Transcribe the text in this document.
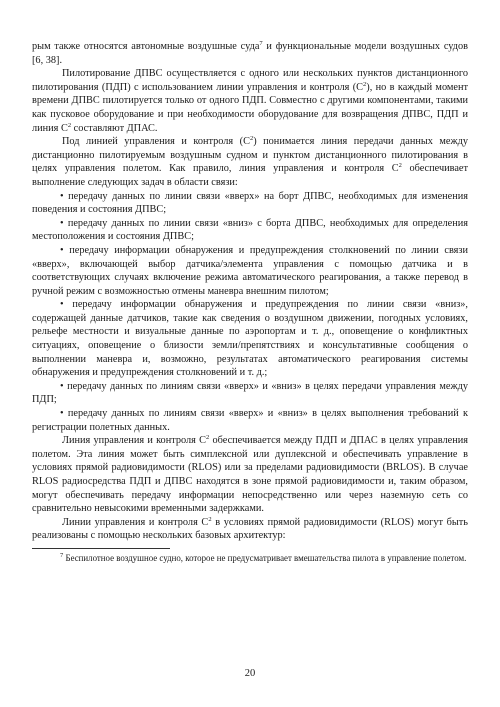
рым также относятся автономные воздушные суда$^7$ и функциональные модели воздушных судов [6, 38].

Пилотирование ДПВС осуществляется с одного или нескольких пунктов дистанционного пилотирования (ПДП) с использованием линии управления и контроля $(С^2)$, но в каждый момент времени ДПВС пилотируется только от одного ПДП. Совместно с другими компонентами, такими как пусковое оборудование и при необходимости оборудование для возвращения ДПВС, ПДП и линия $С^2$ составляют ДПАС.

Под линией управления и контроля $(С^2)$ понимается линия передачи данных между дистанционно пилотируемым воздушным судном и пунктом дистанционного пилотирования в целях управления полетом. Как правило, линия управления и контроля $С^2$ обеспечивает выполнение следующих задач в области связи:

• передачу данных по линии связи «вверх» на борт ДПВС, необходимых для изменения поведения и состояния ДПВС;

• передачу данных по линии связи «вниз» с борта ДПВС, необходимых для определения местоположения и состояния ДПВС;

• передачу информации обнаружения и предупреждения столкновений по линии связи «вверх», включающей выбор датчика/элемента управления с помощью датчика и в соответствующих случаях включение режима автоматического реагирования, а также перевод в ручной режим с возможностью отмены маневра внешним пилотом;

• передачу информации обнаружения и предупреждения по линии связи «вниз», содержащей данные датчиков, такие как сведения о воздушном движении, погодных условиях, рельефе местности и визуальные данные по аэропортам и т. д., оповещение о конфликтных ситуациях, оповещение о близости земли/препятствиях и консультативные сообщения о выполнении маневра и, возможно, результатах автоматического реагирования системы обнаружения и предупреждения столкновений и т. д.;

• передачу данных по линиям связи «вверх» и «вниз» в целях передачи управления между ПДП;

• передачу данных по линиям связи «вверх» и «вниз» в целях выполнения требований к регистрации полетных данных.

Линия управления и контроля $С^2$ обеспечивается между ПДП и ДПАС в целях управления полетом. Эта линия может быть симплексной или дуплексной и обеспечивать управление в условиях прямой радиовидимости (RLOS) или за пределами радиовидимости (BRLOS). В случае RLOS радиосредства ПДП и ДПВС находятся в зоне прямой радиовидимости и, таким образом, могут обеспечивать передачу информации непосредственно или через наземную сеть со сравнительно невысокими временными задержками.

Линии управления и контроля $С^2$ в условиях прямой радиовидимости (RLOS) могут быть реализованы с помощью нескольких базовых архитектур:

$^7$ Беспилотное воздушное судно, которое не предусматривает вмешательства пилота в управление полетом.

20
